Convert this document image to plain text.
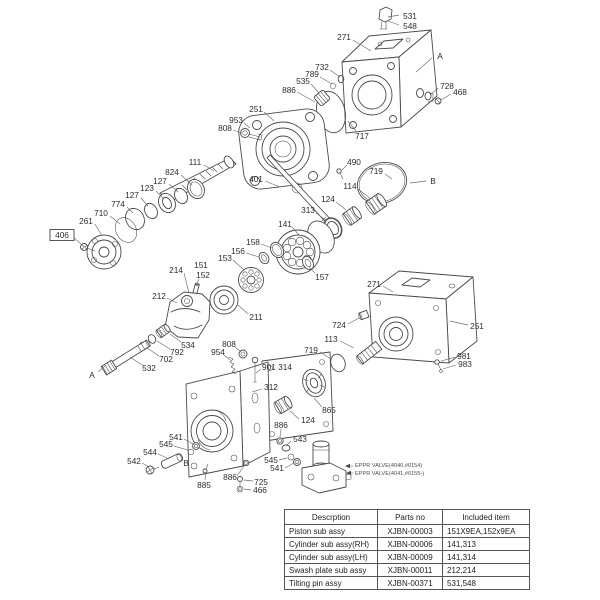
EPPR VALVE(4040,#0154)
EPPR VALVE(4041,#0155-)
531
548
271
A
732
789
535
886	728
468
251
953
808
717
490
719
B
111
824
127
123
127
774
710
261
406
401
114
124
313
141
158
156
153
151
152
214
157
211
212
271
724
113
719
251
981
983
534
792
702
532
A
808
954
901 314
312
865
124
886
543
541
545
544
542	B	545
541
886
885	725
466
Descrption	Parts no	Included item
Piston sub assy	XJBN-00003	151X9EA,152x9EA
Cylinder sub assy(RH)	XJBN-00006	141,313
Cylinder sub assy(LH)	XJBN-00009	141,314
Swash plate sub assy	XJBN-00011	212,214
Tilting pin assy	XJBN-00371	531,548
